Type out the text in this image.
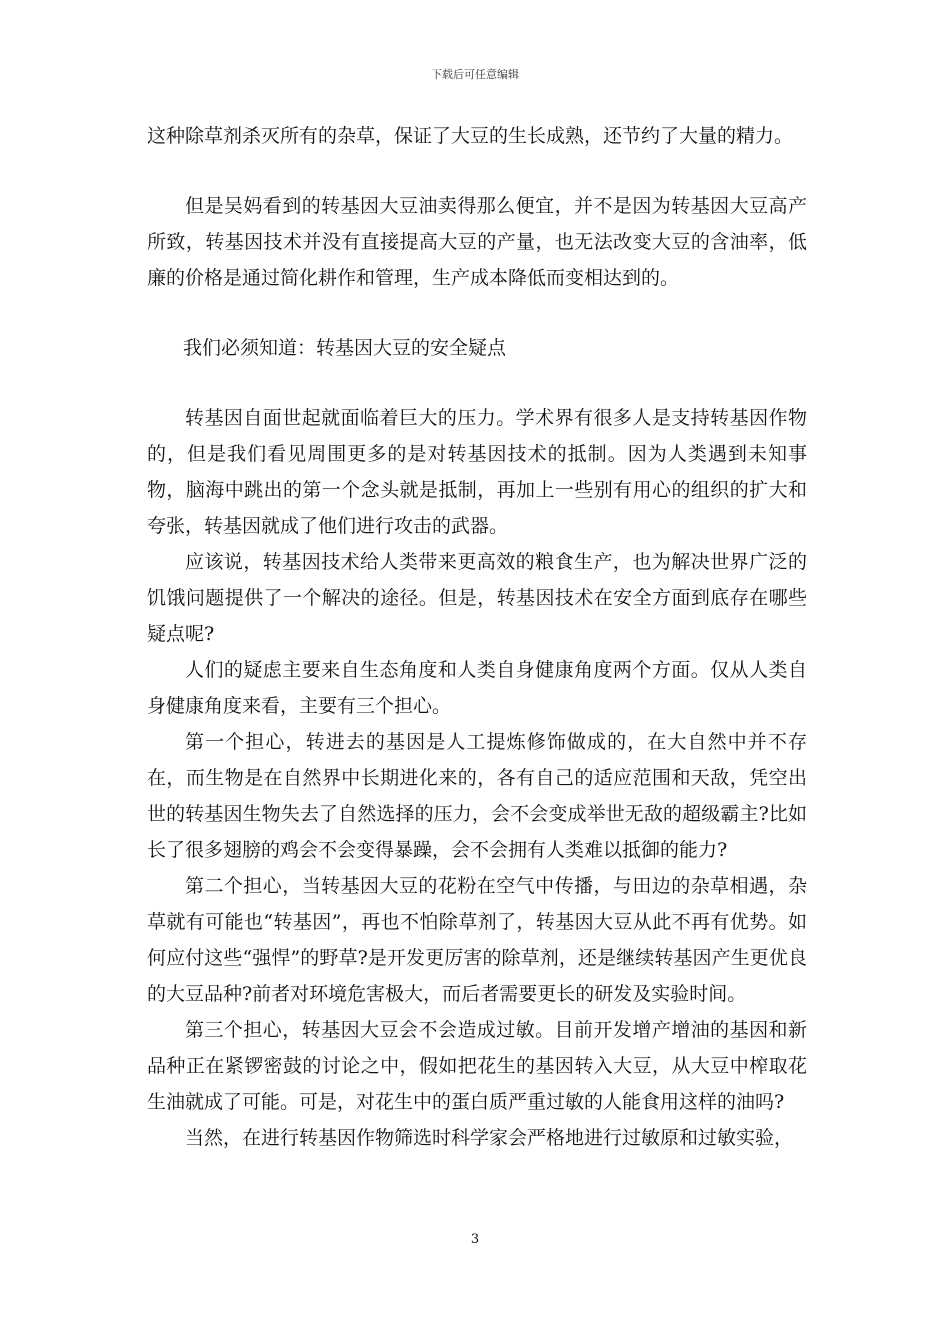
下载后可任意编辑

这种除草剂杀灭所有的杂草，保证了大豆的生长成熟，还节约了大量的精力。

但是吴妈看到的转基因大豆油卖得那么便宜，并不是因为转基因大豆高产所致，转基因技术并没有直接提高大豆的产量，也无法改变大豆的含油率，低廉的价格是通过简化耕作和管理，生产成本降低而变相达到的。

我们必须知道：转基因大豆的安全疑点

转基因自面世起就面临着巨大的压力。学术界有很多人是支持转基因作物的，但是我们看见周围更多的是对转基因技术的抵制。因为人类遇到未知事物，脑海中跳出的第一个念头就是抵制，再加上一些别有用心的组织的扩大和夸张，转基因就成了他们进行攻击的武器。

应该说，转基因技术给人类带来更高效的粮食生产，也为解决世界广泛的饥饿问题提供了一个解决的途径。但是，转基因技术在安全方面到底存在哪些疑点呢?

人们的疑虑主要来自生态角度和人类自身健康角度两个方面。仅从人类自身健康角度来看，主要有三个担心。

第一个担心，转进去的基因是人工提炼修饰做成的，在大自然中并不存在，而生物是在自然界中长期进化来的，各有自己的适应范围和天敌，凭空出世的转基因生物失去了自然选择的压力，会不会变成举世无敌的超级霸主?比如长了很多翅膀的鸡会不会变得暴躁，会不会拥有人类难以抵御的能力?

第二个担心，当转基因大豆的花粉在空气中传播，与田边的杂草相遇，杂草就有可能也“转基因”，再也不怕除草剂了，转基因大豆从此不再有优势。如何应付这些“强悍”的野草?是开发更厉害的除草剂，还是继续转基因产生更优良的大豆品种?前者对环境危害极大，而后者需要更长的研发及实验时间。

第三个担心，转基因大豆会不会造成过敏。目前开发增产增油的基因和新品种正在紧锣密鼓的讨论之中，假如把花生的基因转入大豆，从大豆中榨取花生油就成了可能。可是，对花生中的蛋白质严重过敏的人能食用这样的油吗?

当然，在进行转基因作物筛选时科学家会严格地进行过敏原和过敏实验，

3
